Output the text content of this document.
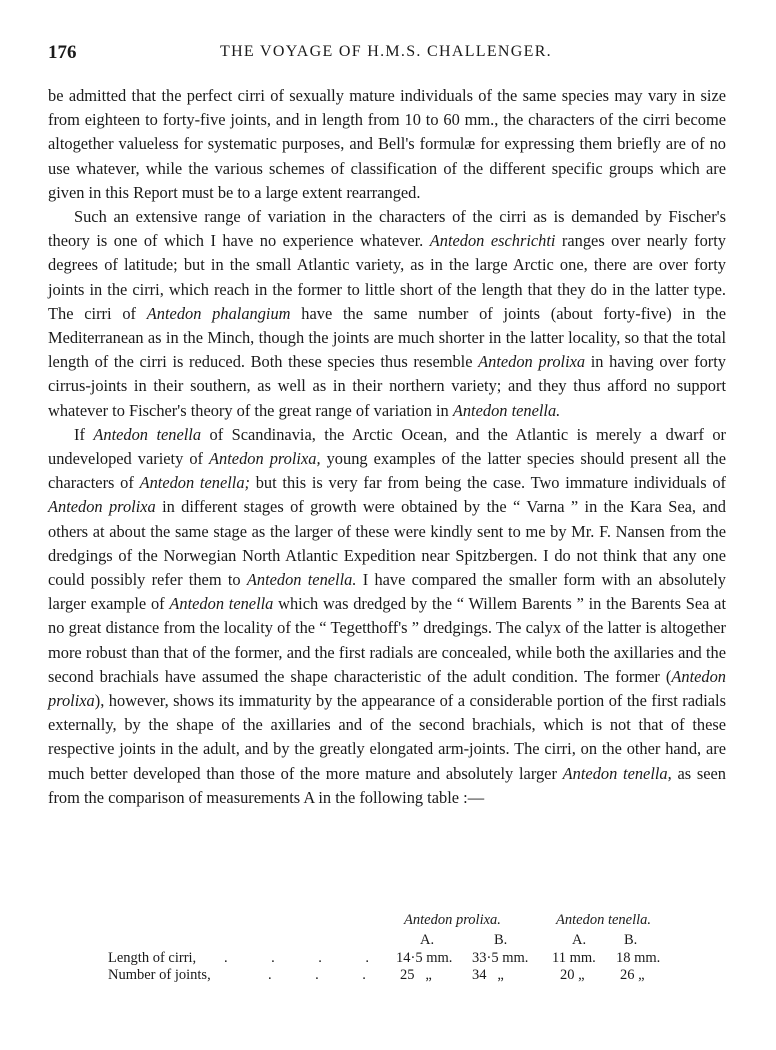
176	THE VOYAGE OF H.M.S. CHALLENGER.

be admitted that the perfect cirri of sexually mature individuals of the same species may vary in size from eighteen to forty-five joints, and in length from 10 to 60 mm., the characters of the cirri become altogether valueless for systematic purposes, and Bell's formulæ for expressing them briefly are of no use whatever, while the various schemes of classification of the different specific groups which are given in this Report must be to a large extent rearranged.

Such an extensive range of variation in the characters of the cirri as is demanded by Fischer's theory is one of which I have no experience whatever. Antedon eschrichti ranges over nearly forty degrees of latitude; but in the small Atlantic variety, as in the large Arctic one, there are over forty joints in the cirri, which reach in the former to little short of the length that they do in the latter type. The cirri of Antedon phalangium have the same number of joints (about forty-five) in the Mediterranean as in the Minch, though the joints are much shorter in the latter locality, so that the total length of the cirri is reduced. Both these species thus resemble Antedon prolixa in having over forty cirrus-joints in their southern, as well as in their northern variety; and they thus afford no support whatever to Fischer's theory of the great range of variation in Antedon tenella.

If Antedon tenella of Scandinavia, the Arctic Ocean, and the Atlantic is merely a dwarf or undeveloped variety of Antedon prolixa, young examples of the latter species should present all the characters of Antedon tenella; but this is very far from being the case. Two immature individuals of Antedon prolixa in different stages of growth were obtained by the “ Varna ” in the Kara Sea, and others at about the same stage as the larger of these were kindly sent to me by Mr. F. Nansen from the dredgings of the Norwegian North Atlantic Expedition near Spitzbergen. I do not think that any one could possibly refer them to Antedon tenella. I have compared the smaller form with an absolutely larger example of Antedon tenella which was dredged by the “ Willem Barents ” in the Barents Sea at no great distance from the locality of the “ Tegetthoff's ” dredgings. The calyx of the latter is altogether more robust than that of the former, and the first radials are concealed, while both the axillaries and the second brachials have assumed the shape characteristic of the adult condition. The former (Antedon prolixa), however, shows its immaturity by the appearance of a considerable portion of the first radials externally, by the shape of the axillaries and of the second brachials, which is not that of these respective joints in the adult, and by the greatly elongated arm-joints. The cirri, on the other hand, are much better developed than those of the more mature and absolutely larger Antedon tenella, as seen from the comparison of measurements A in the following table :—

Antedon prolixa.	Antedon tenella.
A.	B.	A.	B.
Length of cirri, .            .            .            . 14·5 mm. 33·5 mm. 11 mm. 18 mm.
Number of joints,	.            .            . 25   „	34   „	20 „ 26 „
